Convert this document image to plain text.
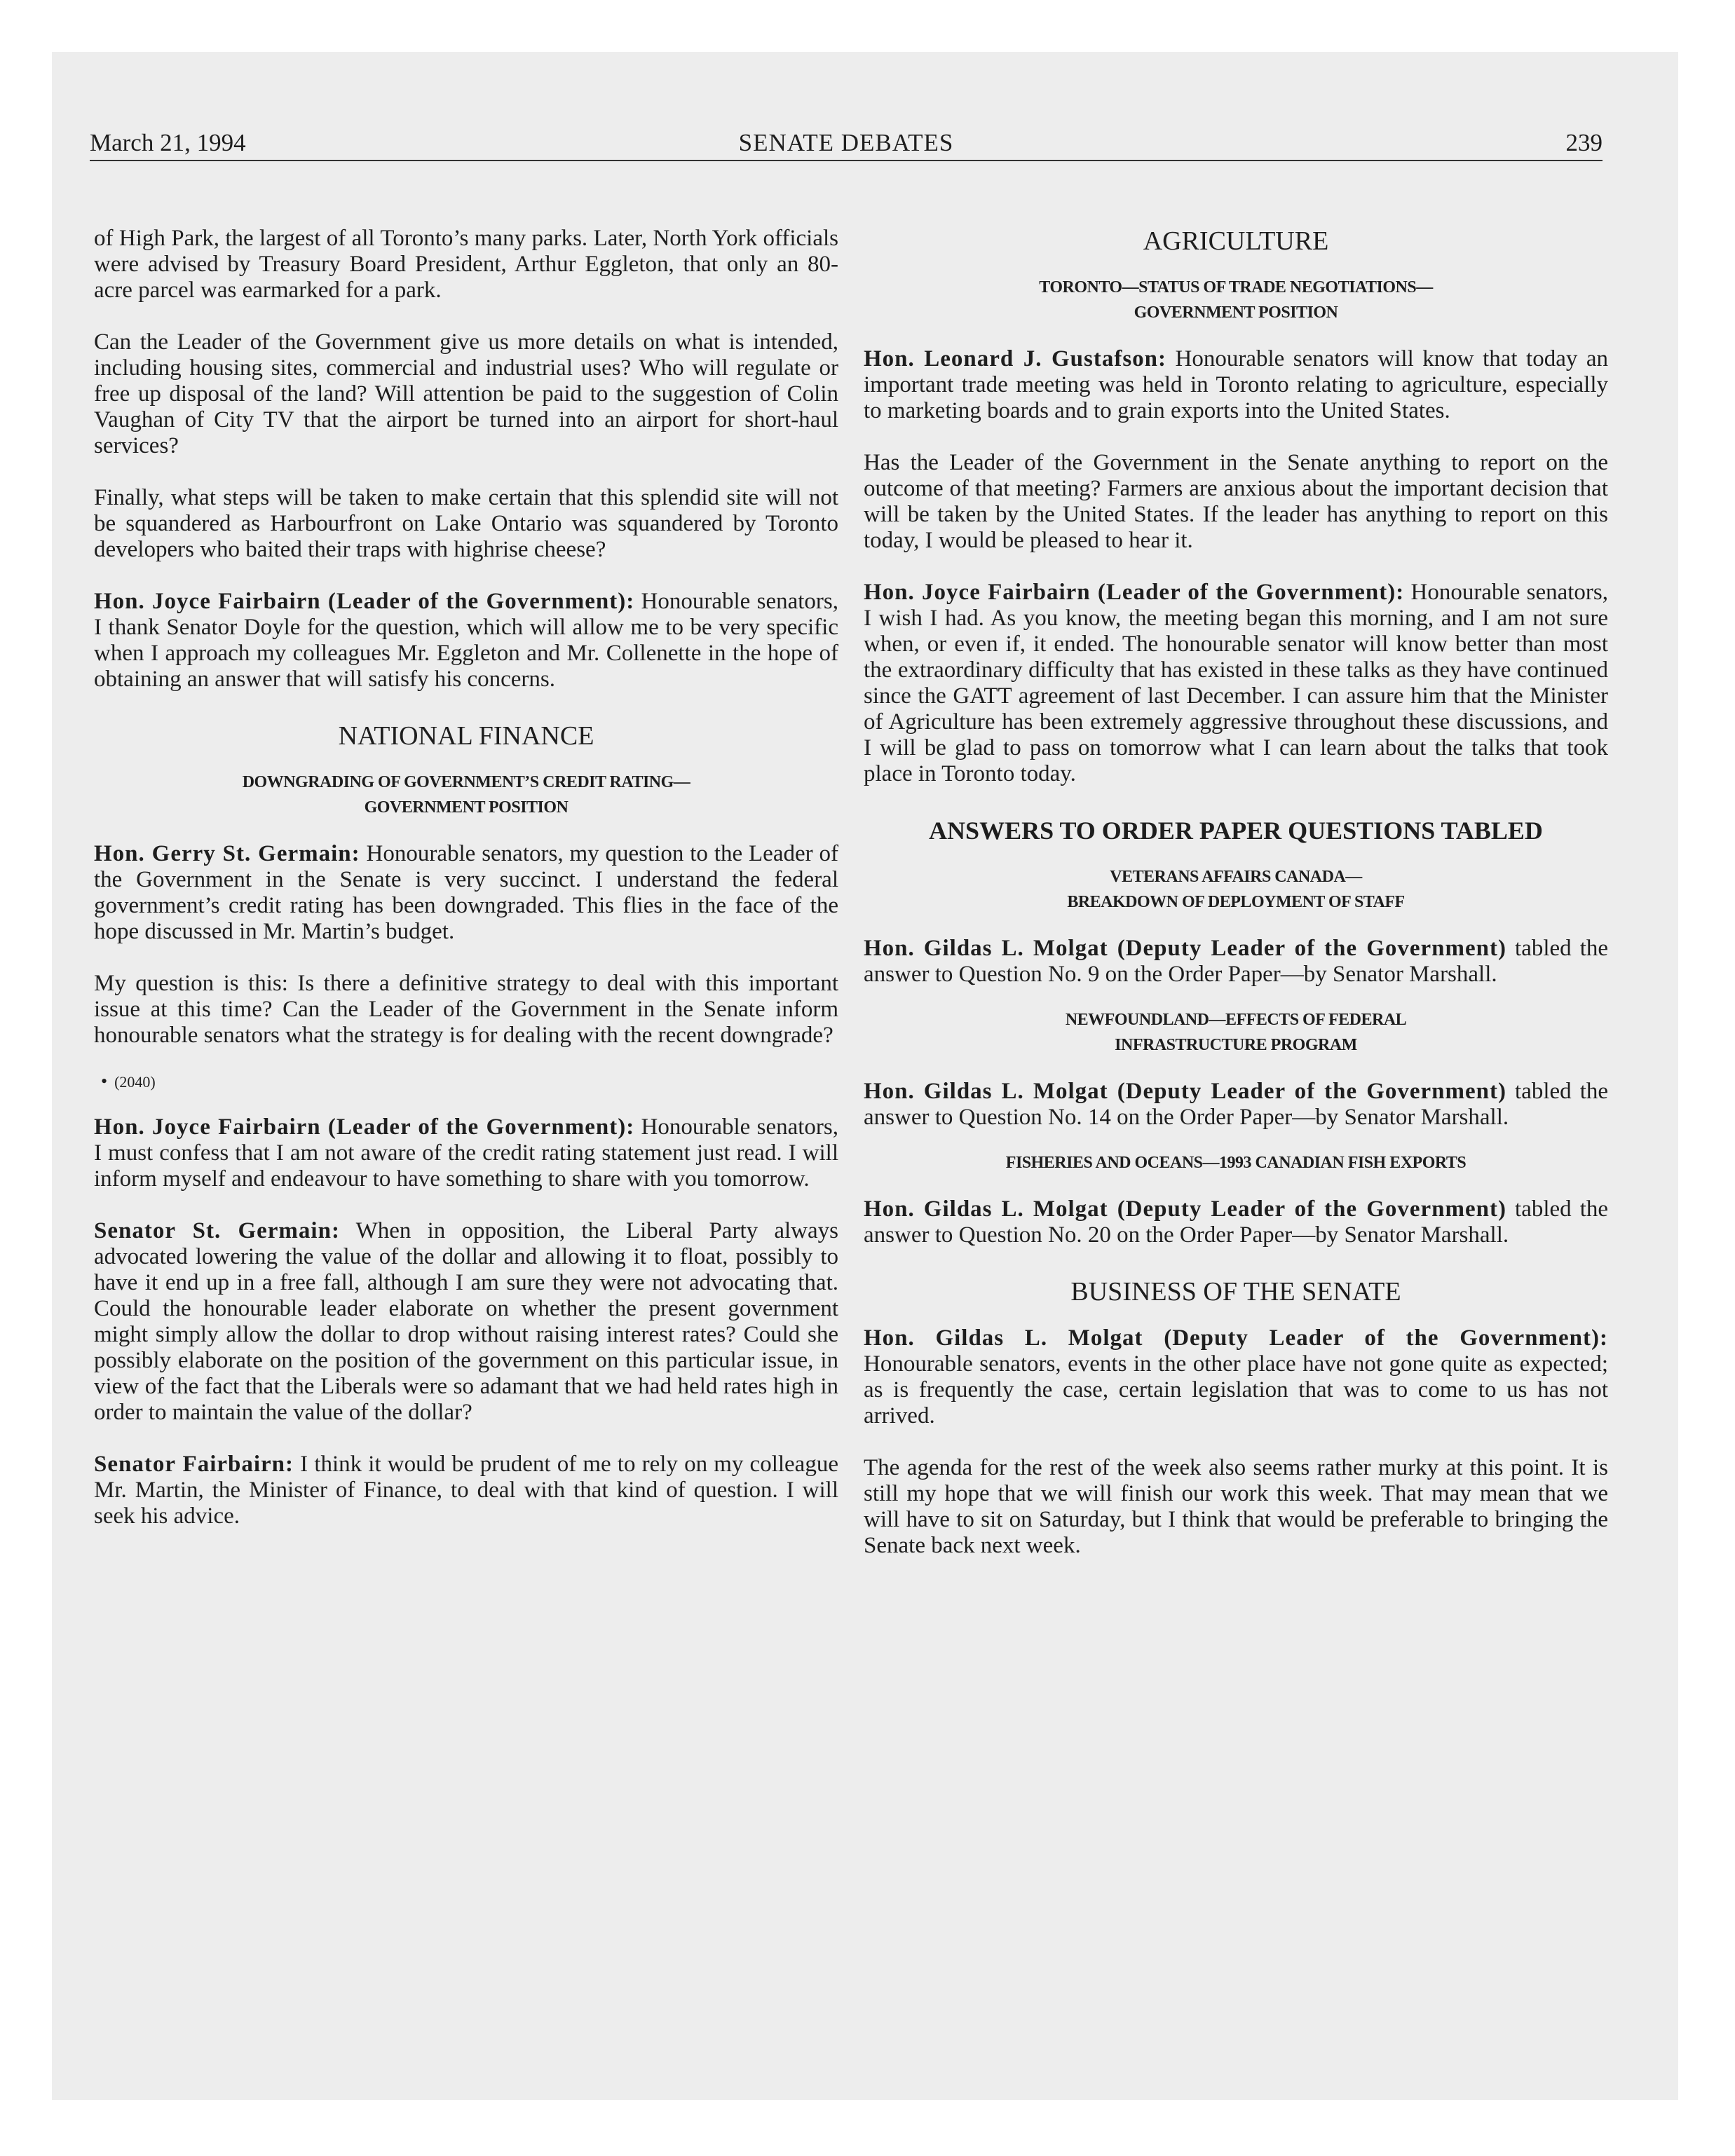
March 21, 1994	SENATE DEBATES	239

of High Park, the largest of all Toronto’s many parks. Later, North York officials were advised by Treasury Board President, Arthur Eggleton, that only an 80-acre parcel was earmarked for a park.

Can the Leader of the Government give us more details on what is intended, including housing sites, commercial and industrial uses? Who will regulate or free up disposal of the land? Will attention be paid to the suggestion of Colin Vaughan of City TV that the airport be turned into an airport for short-haul services?

Finally, what steps will be taken to make certain that this splendid site will not be squandered as Harbourfront on Lake Ontario was squandered by Toronto developers who baited their traps with highrise cheese?

Hon. Joyce Fairbairn (Leader of the Government): Honourable senators, I thank Senator Doyle for the question, which will allow me to be very specific when I approach my colleagues Mr. Eggleton and Mr. Collenette in the hope of obtaining an answer that will satisfy his concerns.

NATIONAL FINANCE
DOWNGRADING OF GOVERNMENT’S CREDIT RATING—
GOVERNMENT POSITION

Hon. Gerry St. Germain: Honourable senators, my question to the Leader of the Government in the Senate is very succinct. I understand the federal government’s credit rating has been downgraded. This flies in the face of the hope discussed in Mr. Martin’s budget.

My question is this: Is there a definitive strategy to deal with this important issue at this time? Can the Leader of the Government in the Senate inform honourable senators what the strategy is for dealing with the recent downgrade?

• (2040)

Hon. Joyce Fairbairn (Leader of the Government): Honourable senators, I must confess that I am not aware of the credit rating statement just read. I will inform myself and endeavour to have something to share with you tomorrow.

Senator St. Germain: When in opposition, the Liberal Party always advocated lowering the value of the dollar and allowing it to float, possibly to have it end up in a free fall, although I am sure they were not advocating that. Could the honourable leader elaborate on whether the present government might simply allow the dollar to drop without raising interest rates? Could she possibly elaborate on the position of the government on this particular issue, in view of the fact that the Liberals were so adamant that we had held rates high in order to maintain the value of the dollar?

Senator Fairbairn: I think it would be prudent of me to rely on my colleague Mr. Martin, the Minister of Finance, to deal with that kind of question. I will seek his advice.

AGRICULTURE
TORONTO—STATUS OF TRADE NEGOTIATIONS—
GOVERNMENT POSITION

Hon. Leonard J. Gustafson: Honourable senators will know that today an important trade meeting was held in Toronto relating to agriculture, especially to marketing boards and to grain exports into the United States.

Has the Leader of the Government in the Senate anything to report on the outcome of that meeting? Farmers are anxious about the important decision that will be taken by the United States. If the leader has anything to report on this today, I would be pleased to hear it.

Hon. Joyce Fairbairn (Leader of the Government): Honourable senators, I wish I had. As you know, the meeting began this morning, and I am not sure when, or even if, it ended. The honourable senator will know better than most the extraordinary difficulty that has existed in these talks as they have continued since the GATT agreement of last December. I can assure him that the Minister of Agriculture has been extremely aggressive throughout these discussions, and I will be glad to pass on tomorrow what I can learn about the talks that took place in Toronto today.

ANSWERS TO ORDER PAPER QUESTIONS TABLED
VETERANS AFFAIRS CANADA—
BREAKDOWN OF DEPLOYMENT OF STAFF

Hon. Gildas L. Molgat (Deputy Leader of the Government) tabled the answer to Question No. 9 on the Order Paper—by Senator Marshall.

NEWFOUNDLAND—EFFECTS OF FEDERAL
INFRASTRUCTURE PROGRAM

Hon. Gildas L. Molgat (Deputy Leader of the Government) tabled the answer to Question No. 14 on the Order Paper—by Senator Marshall.

FISHERIES AND OCEANS—1993 CANADIAN FISH EXPORTS

Hon. Gildas L. Molgat (Deputy Leader of the Government) tabled the answer to Question No. 20 on the Order Paper—by Senator Marshall.

BUSINESS OF THE SENATE

Hon. Gildas L. Molgat (Deputy Leader of the Government): Honourable senators, events in the other place have not gone quite as expected; as is frequently the case, certain legislation that was to come to us has not arrived.

The agenda for the rest of the week also seems rather murky at this point. It is still my hope that we will finish our work this week. That may mean that we will have to sit on Saturday, but I think that would be preferable to bringing the Senate back next week.
